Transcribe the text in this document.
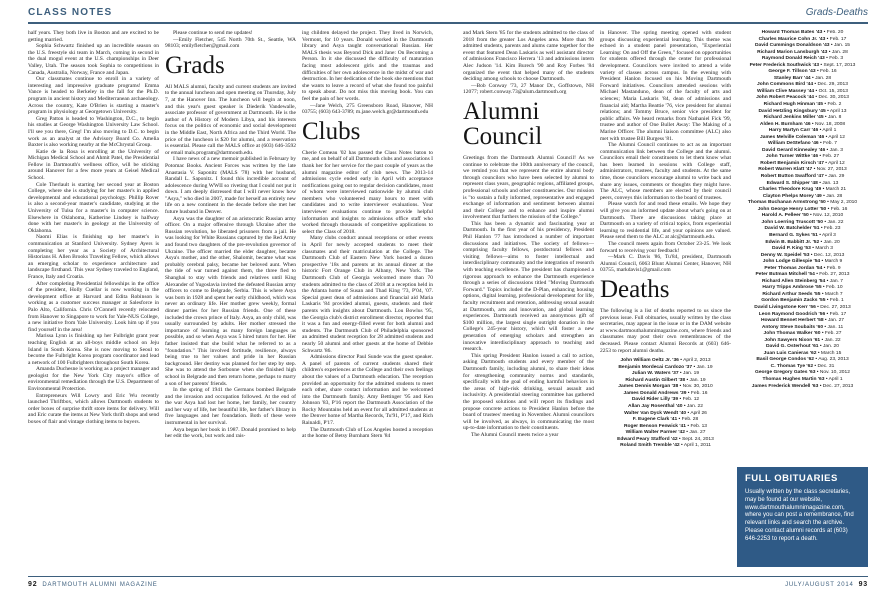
CLASS NOTES	Grads-Deaths

half years. They both live in Boston and are excited to be getting married.

Sophia Schwartz finished up an incredible season on the U.S. freestyle ski team in March, coming in second in the dual mogul event at the U.S. championships in Deer Valley, Utah. The season took Sophia to competitions in Canada, Australia, Norway, France and Japan.

Our classmates continue to enroll in a variety of interesting and impressive graduate programs! Emma Vance is headed to Berkeley in the fall for the Ph.D. program in ancient history and Mediterranean archaeology. Across the country, Kate O'Brien is starting a master's program in physiology at Georgetown University.

Greg Patton is headed to Washington, D.C., to begin his studies at George Washington University Law School. I'll see you there, Greg! I'm also moving to D.C. to begin work as an analyst at the Advisory Board Co. Amelia Baxter is also working nearby at the McChrystal Group.

Katie de la Rosa is enrolling at the University of Michigan Medical School and Ahmit Patel, the Presidential Fellow in Dartmouth's wellness office, will be sticking around Hanover for a few more years at Geisel Medical School.

Cole Therlault is starting her second year at Boston College, where she is studying for her master's in applied developmental and educational psychology. Phillip Rover is also a second-year master's candidate, studying at the University of Tulsa for a master's in computer science. Elsewhere in Oklahoma, Katherine Lindsey is halfway done with her master's in geology at the University of Oklahoma.

Naomi Elias is finishing up her master's in communication at Stanford University. Sydney Ayers is completing her year as a Society of Architectural Historians H. Allen Brooks Traveling Fellow, which allows an emerging scholar to experience architecture and landscape firsthand. This year Sydney traveled to England, France, Italy and Croatia.

After completing Presidential fellowships in the office of the president, Holly Cuellar is now working in the development office at Harvard and Edita Robinson is working as a customer success manager at Salesforce in Palo Alto, California. Chris O'Connell recently relocated from Hanover to Singapore to work for Yale-NUS College, a new initiative from Yale University. Look him up if you find yourself in the area!

Marissa Lynn is finishing up her Fulbright grant year teaching English at an all-boys middle school on Jeju Island in South Korea. She is now moving to Seoul to become the Fulbright Korea program coordinator and lead a network of 100 Fulbrighters throughout South Korea.

Amanda Duchesne is working as a project manager and geologist for the New York City mayor's office of environmental remediation through the U.S. Department of Environmental Protection.

Entrepreneurs Will Lowry and Eric Wu recently launched Thriftbox, which allows Dartmouth students to order boxes of surprise thrift store items for delivery. Will and Eric curate the items at New York thrift shops and send boxes of flair and vintage clothing items to buyers.

Please continue to send me updates!

—Emily Fletcher, 545 North 70th St., Seattle, WA 98103; emilyfletcher@gmail.com

Grads

All MALS alumni, faculty and current students are invited to the annual luncheon and open meeting on Thursday, July 7, at the Hanover Inn. The luncheon will begin at noon, and this year's guest speaker is Diederik Vandewalle, associate professor of government at Dartmouth. He is the author of A History of Modern Libya, and his interests focus on the politics of economic and social development in the Middle East, North Africa and the Third World. The price of the luncheon is $20 for alumni, and a reservation is essential. Please call the MALS office at (603) 646-3592 or email mals.program@dartmouth.edu.

I have news of a new memoir published in February by Potomac Books. Ancient Forces was written by the late Anastasia V. Saponitz (MALS '78) with her husband, Randall L. Saponitz. I found this incredible account of adolescence during WWII so riveting that I could not put it down. I am deeply distressed that I will never know how "Asya," who died in 2007, made for herself an entirely new life on a new continent in the decade before she met her future husband in Denver.

Asya was the daughter of an aristocratic Russian army officer. On a major offensive through Ukraine after the Russian revolution, he liberated prisoners from a jail. He was looking for White Russians captured by the Red Army and found two daughters of the pre-revolution governor of Ukraine. The officer married the elder daughter, became Asya's mother, and the other, Shalomit, became what was probably cerebral palsy, became her beloved aunt. When the tide of war turned against them, the three fled to Shanghai to stay with friends and relatives until King Alexander of Yugoslavia invited the defeated Russian army officers to come to Belgrade, Serbia. This is where Asya was born in 1928 and spent her early childhood, which was never an ordinary life. Her mother grew weekly, formal dinner parties for her Russian friends. One of these included the crown prince of Italy. Asya, an only child, was usually surrounded by adults. Her mother stressed the importance of learning as many foreign languages as possible, and so when Asya was 5 hired tutors for her. Her father insisted that she build what he referred to as a "foundation." This involved fortitude, resilience, always being true to her values and pride in her Russian background. Her destiny was planned for her step by step. She was to attend the Sorbonne when she finished high school in Belgrade and then return home, perhaps to marry a son of her parents' friends.

In the spring of 1941 the Germans bombed Belgrade and the invasion and occupation followed. At the end of the war Asya had lost her home, her family, her country and her way of life, her beautiful life, her father's library in five languages and her foundation. Both of these were instrumental in her survival.

Asya began her book in 1987. Donald promised to help her edit the work, but work and rais-

ing children delayed the project. They lived in Norwich, Vermont, for 10 years. Donald worked in the Dartmouth library and Asya taught conversational Russian. Her MALS thesis was Beyond Dick and Jane: On Becoming a Person. In it she discussed the difficulty of maturation facing most adolescent girls and the traumas and difficulties of her own adolescence in the midst of war and destruction. In her dedication of the book she mentions that she wants to leave a record of what she found too painful to speak about. Do not miss this moving book. You can feel the pain of her words.

—Jane Welch, 275 Greensboro Road, Hanover, NH 03755; (603) 643-3789; m.jane.welch.gr@dartmouth.edu

Clubs

Cherie Comeau '02 has passed the Class Notes baton to me, and on behalf of all Dartmouth clubs and associations I thank her for her service for the past couple of years as the alumni magazine editor of club news. The 2013-14 admissions cycle ended early in April with acceptance notifications going out to regular decision candidates, most of whom were interviewed nationwide by alumni club members who volunteered many hours to meet with candidates and to write interviewer evaluations. Your interviewer evaluations continue to provide helpful information and insights to admissions office staff who worked through thousands of competitive applications to select the Class of 2018.

Many clubs conduct annual receptions or other events in April for newly accepted students to meet their classmates and their matriculation at the College. The Dartmouth Club of Eastern New York hosted a dozen prospective '18s and parents at its annual dinner at the historic Fort Orange Club in Albany, New York. The Dartmouth Club of Georgia welcomed more than 70 students admitted to the class of 2018 at a reception held in the Atlanta home of Susan and Thad King '73, P'04, '07. Special guest dean of admissions and financial aid Maria Laskaris '84 provided alumni, guests, students and their parents with insights about Dartmouth. Lou Bowlus '95, the Georgia club's district enrollment director, reported that it was a fun and energy-filled event for both alumni and students. The Dartmouth Club of Philadelphia sponsored an admitted student reception for 28 admitted students and nearly 50 alumni and other guests at the home of Debbie Schwartz '86.

Admissions director Paul Sunde was the guest speaker. A panel of parents of current students shared their children's experiences at the College and their own feelings about the values of a Dartmouth education. The reception provided an opportunity for the admitted students to meet each other, share contact information and be welcomed into the Dartmouth family. Amy Bettinger '95 and Ken Johnson '83, P'16 report the Dartmouth Association of the Rocky Mountains held an event for all admitted students at the Denver home of Martha Records, Tu'91, P'17, and Rich Rainaldi, P'17.

The Dartmouth Club of Los Angeles hosted a reception at the home of Betsy Burnham Stern '84

and Mark Stern '85 for the students admitted to the class of 2018 from the greater Los Angeles area. More than 90 admitted students, parents and alums came together for the event that featured Dean Laskaris as well assistant director of admissions Francisco Herrera '13 and admissions intern Alec Judson '14. Kim Burech '90 and Roy Forbes '84 organized the event that helped many of the students deciding among schools to choose Dartmouth.

—Bob Conway '73, 27 Manor Dr., Goffstown, NH 12077; robert.conway.73@alum.dartmouth.org

Alumni
Council

Greetings from the Dartmouth Alumni Council! As we continue to celebrate the 100th anniversary of the council, we remind you that we represent the entire alumni body through councilors who have been selected by alumni to represent class years, geographic regions, affiliated groups, professional schools and other constituencies. Our mission is "to sustain a fully informed, representative and engaged exchange of information and sentiment between alumni and their College and to enhance and inspire alumni involvement that furthers the mission of the College."

This has been a dynamic and fascinating year at Dartmouth. In the first year of his presidency, President Phil Hanlon '77 has introduced a number of important discussions and initiatives. The society of fellows—comprising faculty fellows, postdoctoral fellows and visiting fellows—aims to foster intellectual and interdisciplinary community and the integration of research with teaching excellence. The president has championed a rigorous approach to enhance the Dartmouth experience through a series of discussions titled "Moving Dartmouth Forward." Topics included the D-Plan, enhancing housing options, digital learning, professional development for life, faculty recruitment and retention, addressing sexual assault at Dartmouth, arts and innovation, and global learning experiences. Dartmouth received an anonymous gift of $100 million, the largest single outright donation in the College's 245-year history, which will foster a new generation of emerging scholars and strengthen an innovative interdisciplinary approach to teaching and research.

This spring President Hanlon issued a call to action, asking Dartmouth students and every member of the Dartmouth family, including alumni, to share their ideas for strengthening community norms and standards, specifically with the goal of ending harmful behaviors in the areas of high-risk drinking, sexual assault and inclusivity. A presidential steering committee has gathered the proposed solutions and will report its findings and propose concrete actions to President Hanlon before the board of trustees' meeting in November. Alumni councilors will be involved, as always, in communicating the most up-to-date information to their constituents.

The Alumni Council meets twice a year

in Hanover. The spring meeting opened with student groups discussing experiential learning. This theme was echoed in a student panel presentation, "Experiential Learning: On and Off the Green," focused on opportunities for students offered through the center for professional development. Councilors were invited to attend a wide variety of classes across campus. In the evening with President Hanlon focused on his Moving Dartmouth Forward initiatives. Councilors attended sessions with Michael Mastanduno, dean of the faculty of arts and sciences; Maria Laskaris '84, dean of admissions and financial aid; Martha Beattie '76, vice president for alumni relations; and Tommy Bruce, senior vice president for public affairs. We heard remarks from Nathaniel Fick '99, trustee and author of One Bullet Away: The Making of a Marine Officer. The alumni liaison committee (ALC) also met with trustee Bill Burgess '81.

The Alumni Council continues to act as an important communication link between the College and the alumni. Councilors email their constituents to let them know what has been learned in sessions with College staff, administrators, trustees, faculty and students. At the same time, those councilors encourage alumni to write back and share any issues, comments or thoughts they might have. The ALC, whose members are elected by their council peers, conveys this information to the board of trustees.

Please watch for and read these emails. We hope they will give you an informed update about what's going on at Dartmouth. There are discussions taking place at Dartmouth on a variety of critical topics, from experiential learning to residential life, and your opinions are valued. Please send them to the ALC at alc@dartmouth.edu.

The council meets again from October 23-25. We look forward to receiving your feedback!

—Mark C. Davis '86, Tu'84, president, Dartmouth Alumni Council, 6063 Blunt Alumni Center, Hanover, NH 03755, markdavis1@gmail.com

Deaths

The following is a list of deaths reported to us since the previous issue. Full obituaries, usually written by the class secretaries, may appear in the issue or in the DAM website at www.dartmouthalumnimagazine.com, where friends and classmates may post their own remembrances of the deceased. Please contact Alumni Records at (603) 646-2253 to report alumni deaths.

John William Oeltz Jr. '36 • April 2, 2013
Benjamin Mordecai Cardozo '37 • Jan. 19
Julian W. Waters '37 • Jan. 19
Richard Austin Gilbert '38 • Jan. 19
James Dennis Morgan '38 • Nov. 30, 2010
James Donald Andrews '39 • Feb. 16
David Rider Lilly '39 • Feb. 12
Allan Jay Rosenthal '40 • Jan. 22
Walter Van Dyck Wendt '40 • April 26
F. Eugene Clark '41 • Feb. 28
Roger Benson Fenwick '41 • Feb. 13
William Walter Parmer '42 • Jan. 27
Edward Peary Stafford '42 • Sept. 24, 2013
Roland Smith Tremble '42 • April 1, 2011
Howard Thomas Bates '43 • Feb. 20
Charles Maurice Cohn Jr. '43 • Feb. 17
David Cummings Donaldson '43 • Jan. 15
Richard Marion Lansburgh '43 • Jan. 28
Raymond Donald Reich '43 • Feb. 3
Peter Frederick Southwick '43 • Sept. 17, 2013
George F. Tillson '43 • Feb. 16
Stanley Barr '44 • Jan. 28
John Commons Bird '44 • Dec. 29, 2013
William Clive Massey '44 • Oct. 15, 2013
John Robert Peacock '44 • Dec. 30, 2013
Richard Hugh Hinman '45 • Feb. 2
David Hetzling Kingsbury '45 • April 13
Richard Jenkins Miller '45 • Jan. 8
Alden H. Burnham '46 • Nov. 18, 2008
Harry Martyn Carr '46 • April 1
James Melville Coleman '46 • April 12
William DeStefano '46 • Feb. 7
David Gerard Kinnealey '46 • Jan. 3
John Turner Wittke '46 • Feb. 27
Robert Benjamin Kirsch '47 • April 12
Robert Warren Klatt '47 • Nov. 27, 2013
Robert Button Swafford '47 • Jan. 29
Edward S. Shipper '48 • Jan. 13
Charles Theodore Krug '49 • March 21
Clayton Phelps Morey '49 • Jan. 28
Thomas Buchanan Armstrong '50 • May 2, 2010
John George Henry Lotter '50 • Feb. 16
Harold A. Pelleer '50 • Nov. 12, 2010
John Loerring Truscott '50 • Jan. 22
David W. Batchelder '51 • Feb. 23
Bernard G. Sykes '51 • April 3
Edwin B. Babbitt Jr. '52 • Jan. 20
David P. King '53 • March 3
Denny W. Speidel '53 • Dec. 12, 2013
John Lodge Gillespie '54 • March 9
Peter Thomas Jordan '54 • Feb. 9
Peter Butman Mitchell '54 • Feb. 27, 2013
Richard Allen Steinberg '54 • Jan. 7
Harry Tripps Ambrose '55 • Feb. 10
Richard Arthur Seeds '55 • March 7
Gordon Benjamin Zacks '55 • Feb. 1
David Livingstone Kerr '56 • Dec. 27, 2013
Leon Raymond Goodrich '56 • Feb. 17
Howard Bennet Herbert '58 • Jan. 27
Antony Steve Soubaits '60 • Jan. 11
John Thomas Walker '60 • Feb. 27
John Sawyers Nixon '61 • Jan. 22
David G. Osterhout '61 • Jan. 20
Juan Luis Canieras '62 • March 15
Basil George Condos '62 • Aug. 23, 2013
C. Thomas Tye '62 • Dec. 31
George Gregory Gates '63 • Nov. 10, 2012
Thomas Hughes Martin '63 • April 1
James Frederick Wendell '63 • Dec. 27, 2013
FULL OBITUARIES
Usually written by the class secretaries, may be found at our website, www.dartmouthalumnimagazine.com, where you can post a remembrance, find relevant links and search the archive. Please contact alumni records at (603) 646-2253 to report a death.
92 DARTMOUTH ALUMNI MAGAZINE	JULY/AUGUST 2014 93
